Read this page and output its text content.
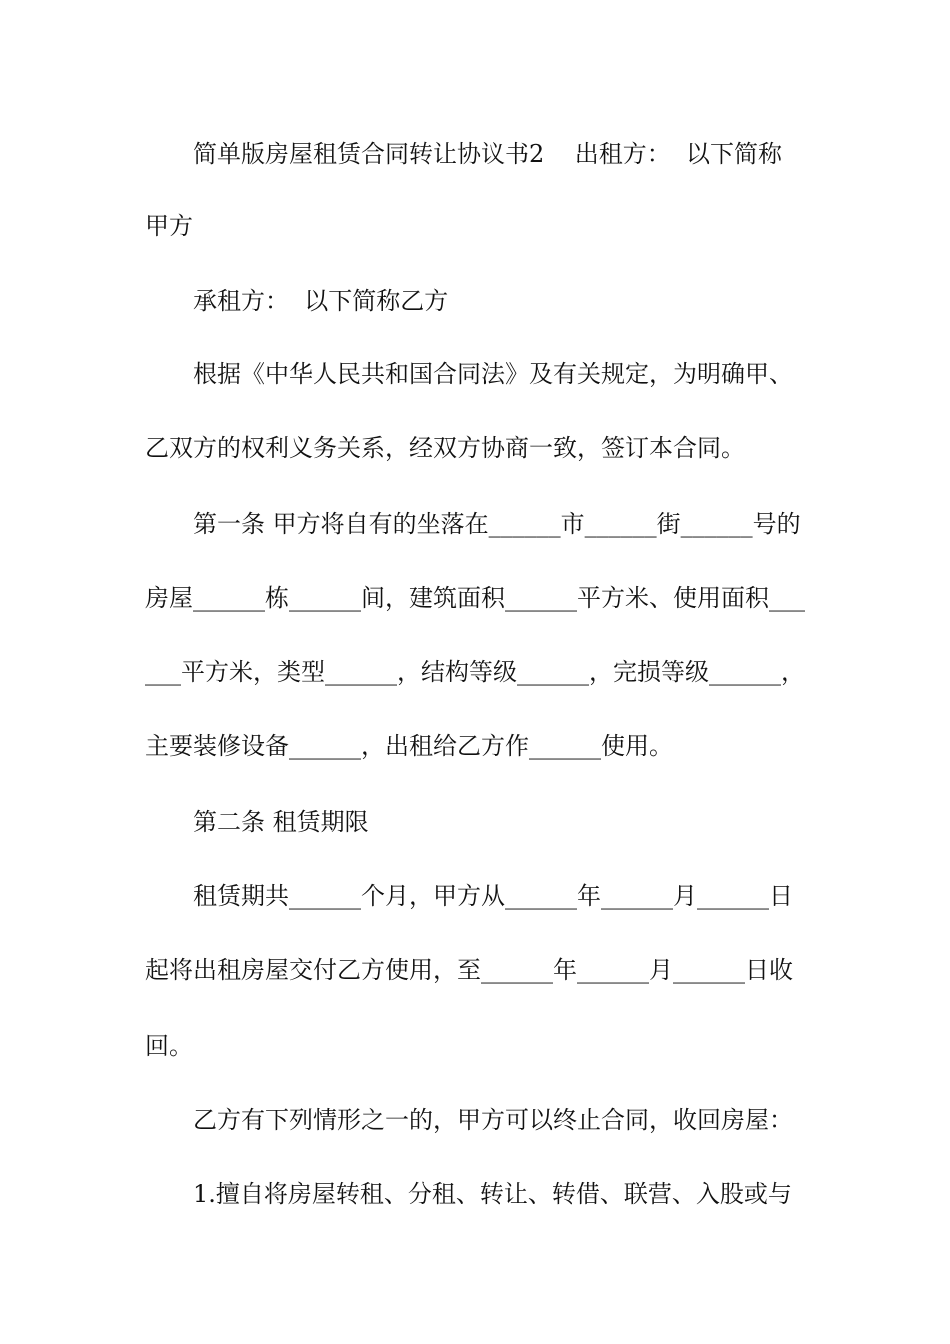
简单版房屋租赁合同转让协议书2    出租方：  以下简称
甲方
承租方：  以下简称乙方
根据《中华人民共和国合同法》及有关规定，为明确甲、
乙双方的权利义务关系，经双方协商一致，签订本合同。
第一条 甲方将自有的坐落在______市______街______号的
房屋______栋______间，建筑面积______平方米、使用面积___
___平方米，类型______，结构等级______，完损等级______，
主要装修设备______，出租给乙方作______使用。
第二条 租赁期限
租赁期共______个月，甲方从______年______月______日
起将出租房屋交付乙方使用，至______年______月______日收
回。
乙方有下列情形之一的，甲方可以终止合同，收回房屋：
1.擅自将房屋转租、分租、转让、转借、联营、入股或与
